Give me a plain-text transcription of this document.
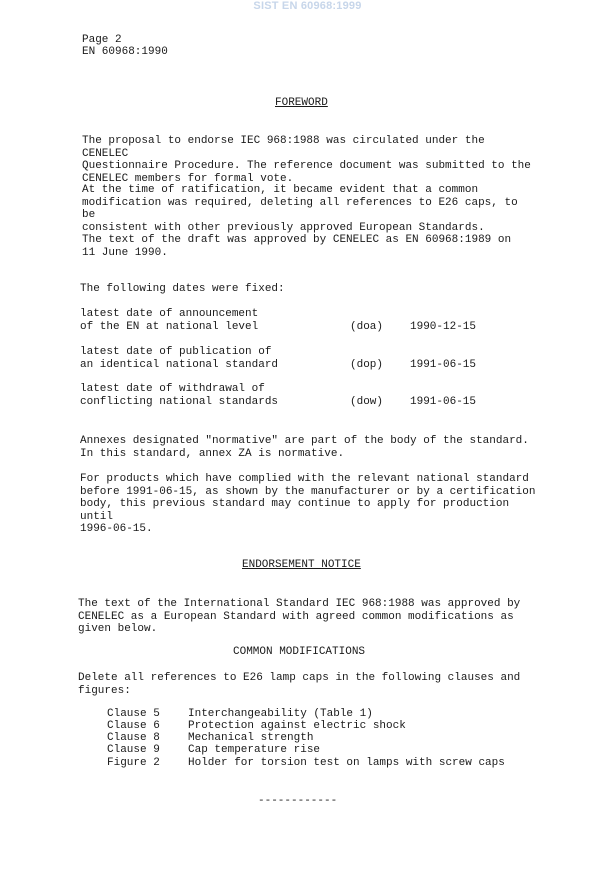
SIST EN 60968:1999
Page 2
EN 60968:1990
FOREWORD
The proposal to endorse IEC 968:1988 was circulated under the CENELEC
Questionnaire Procedure. The reference document was submitted to the
CENELEC members for formal vote.
At the time of ratification, it became evident that a common
modification was required, deleting all references to E26 caps, to be
consistent with other previously approved European Standards.
The text of the draft was approved by CENELEC as EN 60968:1989 on
11 June 1990.
The following dates were fixed:
latest date of announcement
of the EN at national level	(doa) 1990-12-15
latest date of publication of
an identical national standard	(dop) 1991-06-15
latest date of withdrawal of
conflicting national standards	(dow) 1991-06-15
Annexes designated "normative" are part of the body of the standard.
In this standard, annex ZA is normative.
For products which have complied with the relevant national standard
before 1991-06-15, as shown by the manufacturer or by a certification
body, this previous standard may continue to apply for production until
1996-06-15.
ENDORSEMENT NOTICE
The text of the International Standard IEC 968:1988 was approved by
CENELEC as a European Standard with agreed common modifications as
given below.
COMMON MODIFICATIONS
Delete all references to E26 lamp caps in the following clauses and
figures:
Clause 5	Interchangeability (Table 1)
Clause 6	Protection against electric shock
Clause 8	Mechanical strength
Clause 9	Cap temperature rise
Figure 2	Holder for torsion test on lamps with screw caps
------------
